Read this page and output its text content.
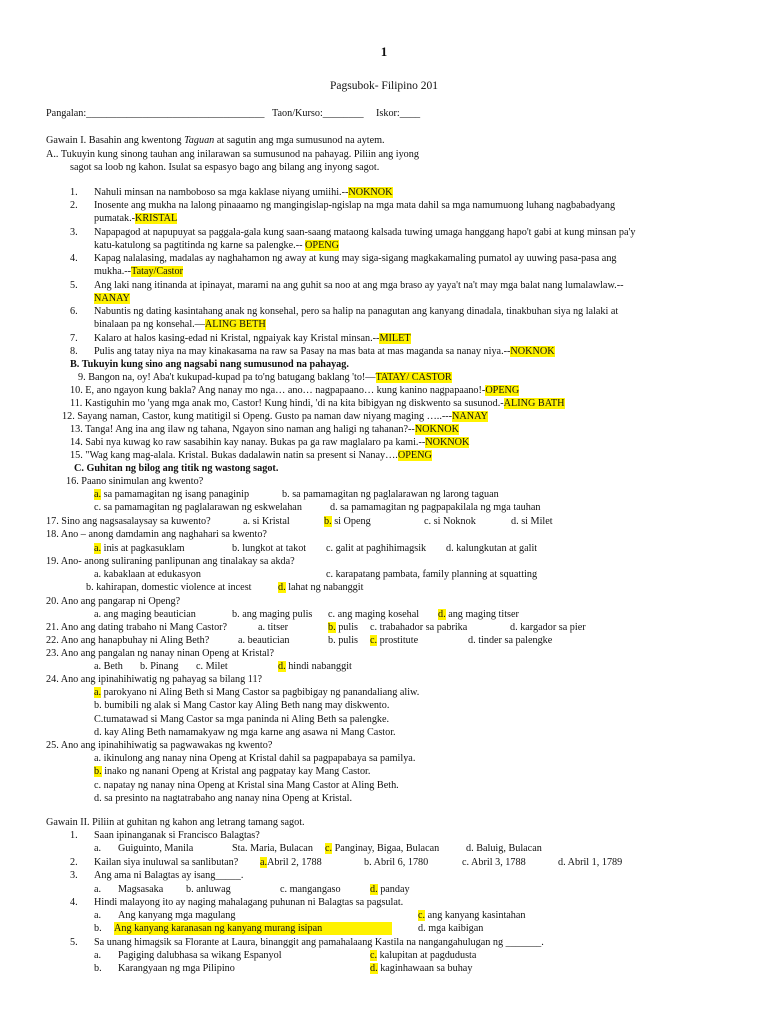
1
Pagsubok- Filipino 201
Pangalan:___________________________________ Taon/Kurso:________ Iskor:____
Gawain I. Basahin ang kwentong Taguan at sagutin ang mga sumusunod na aytem.
A.. Tukuyin kung sinong tauhan ang inilarawan sa sumusunod na pahayag. Piliin ang iyong
sagot sa loob ng kahon. Isulat sa espasyo bago ang bilang ang inyong sagot.
1. Nahuli minsan na namboboso sa mga kaklase niyang umiihi.--NOKNOK
2. Inosente ang mukha na lalong pinaaamo ng mangingislap-ngislap na mga mata dahil sa mga namumuong luhang nagbabadyang
pumatak.-KRISTAL
3. Napapagod at napupuyat sa paggala-gala kung saan-saang mataong kalsada tuwing umaga hanggang hapo't gabi at kung minsan pa'y
katu-katulong sa pagtitinda ng karne sa palengke.-- OPENG
4. Kapag nalalasing, madalas ay naghahamon ng away at kung may siga-sigang magkakamaling pumatol ay uuwing pasa-pasa ang
mukha.--Tatay/Castor
5. Ang laki nang itinanda at ipinayat, marami na ang guhit sa noo at ang mga braso ay yaya't na't may mga balat nang lumalawlaw.--
NANAY
6. Nabuntis ng dating kasintahang anak ng konsehal, pero sa halip na panagutan ang kanyang dinadala, tinakbuhan siya ng lalaki at
binalaan pa ng konsehal.—ALING BETH
7. Kalaro at halos kasing-edad ni Kristal, ngpaiyak kay Kristal minsan.--MILET
8. Pulis ang tatay niya na may kinakasama na raw sa Pasay na mas bata at mas maganda sa nanay niya.--NOKNOK
B. Tukuyin kung sino ang nagsabi nang sumusunod na pahayag.
9. Bangon na, oy! Aba't kukupad-kupad pa to'ng batugang baklang 'to!—TATAY/ CASTOR
10. E, ano ngayon kung bakla? Ang nanay mo nga… ano… nagpapaano… kung kanino nagpapaano!-OPENG
11. Kastiguhin mo 'yang mga anak mo, Castor! Kung hindi, 'di na kita bibigyan ng diskwento sa susunod.-ALING BATH
12. Sayang naman, Castor, kung matitigil si Openg. Gusto pa naman daw niyang maging …..---NANAY
13. Tanga! Ang ina ang ilaw ng tahana, Ngayon sino naman ang haligi ng tahanan?--NOKNOK
14. Sabi nya kuwag ko raw sasabihin kay nanay. Bukas pa ga raw maglalaro pa kami.--NOKNOK
15. "Wag kang mag-alala. Kristal. Bukas dadalawin natin sa present si Nanay….OPENG
C. Guhitan ng bilog ang titik ng wastong sagot.
16. Paano sinimulan ang kwento?
a. sa pamamagitan ng isang panaginip	b. sa pamamagitan ng paglalarawan ng larong taguan
c. sa pamamagitan ng paglalarawan ng eskwelahan	d. sa pamamagitan ng pagpapakilala ng mga tauhan
17. Sino ang nagsasalaysay sa kuwento?	a. si Kristal	b. si Openg	c. si Noknok	d. si Milet
18. Ano – anong damdamin ang naghahari sa kwento?
a. inis at pagkasuklam	b. lungkot at takot c. galit at paghihimagsik d. kalungkutan at galit
19. Ano- anong suliraning panlipunan ang tinalakay sa akda?
a. kabaklaan at edukasyon	c. karapatang pambata, family planning at squatting
b. kahirapan, domestic violence at incest	d. lahat ng nabanggit
20. Ano ang pangarap ni Openg?
a. ang maging beautician	b. ang maging pulis c. ang maging kosehal d. ang maging titser
21. Ano ang dating trabaho ni Mang Castor?	a. titser	b. pulis c. trabahador sa pabrika	d. kargador sa pier
22. Ano ang hanapbuhay ni Aling Beth?	a. beautician	b. pulis c. prostitute	d. tinder sa palengke
23. Ano ang pangalan ng nanay ninan Openg at Kristal?
a. Beth b. Pinang c. Milet	d. hindi nabanggit
24. Ano ang ipinahihiwatig ng pahayag sa bilang 11?
a. parokyano ni Aling Beth si Mang Castor sa pagbibigay ng panandaliang aliw.
b. bumibili ng alak si Mang Castor kay Aling Beth nang may diskwento.
C.tumatawad si Mang Castor sa mga paninda ni Aling Beth sa palengke.
d. kay Aling Beth namamakyaw ng mga karne ang asawa ni Mang Castor.
25. Ano ang ipinahihiwatig sa pagwawakas ng kwento?
a. ikinulong ang nanay nina Openg at Kristal dahil sa pagpapabaya sa pamilya.
b. inako ng nanani Openg at Kristal ang pagpatay kay Mang Castor.
c. napatay ng nanay nina Openg at Kristal sina Mang Castor at Aling Beth.
d. sa presinto na nagtatrabaho ang nanay nina Openg at Kristal.
Gawain II. Piliin at guhitan ng kahon ang letrang tamang sagot.
1. Saan ipinanganak si Francisco Balagtas?
a. Guiguinto, Manila	Sta. Maria, Bulacan c. Panginay, Bigaa, Bulacan	d. Baluig, Bulacan
2. Kailan siya inuluwal sa sanlibutan? a.Abril 2, 1788	b. Abril 6, 1780	c. Abril 3, 1788	d. Abril 1, 1789
3. Ang ama ni Balagtas ay isang_____.
a. Magsasaka b. anluwag	c. mangangaso	d. panday
4. Hindi malayong ito ay naging mahalagang puhunan ni Balagtas sa pagsulat.
a. Ang kanyang mga magulang	c. ang kanyang kasintahan
b. Ang kanyang karanasan ng kanyang murang isipan	d. mga kaibigan
5. Sa unang himagsik sa Florante at Laura, binanggit ang pamahalaang Kastila na nangangahulugan ng _______.
a. Pagiging dalubhasa sa wikang Espanyol	c. kalupitan at pagdudusta
b. Karangyaan ng mga Pilipino	d. kaginhawaan sa buhay
